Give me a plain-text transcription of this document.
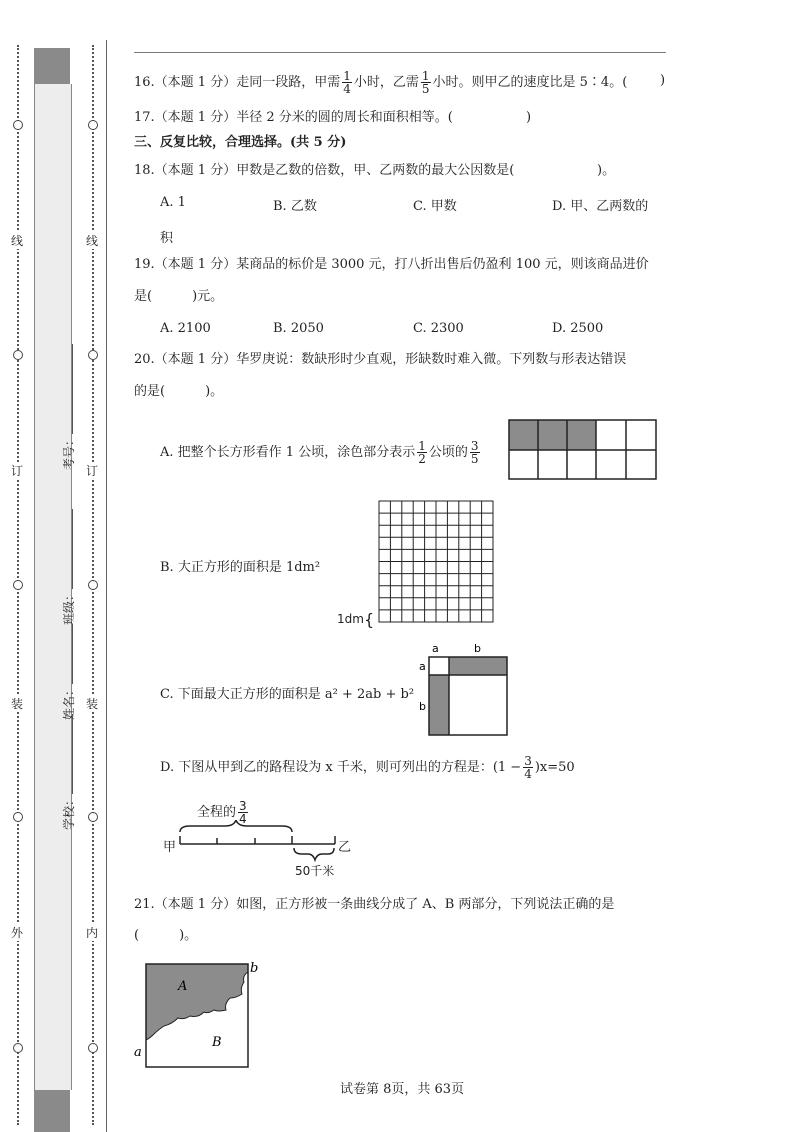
线
订
装
外
考号：
班级：
姓名：
学校：
线
订
装
内
16.（本题 1 分）走同一段路，甲需 $\frac{1}{4}$ 小时，乙需 $\frac{1}{5}$ 小时。则甲乙的速度比是 5∶4。(	)
17.（本题 1 分）半径 2 分米的圆的周长和面积相等。(	)
三、反复比较，合理选择。(共 5 分)
18.（本题 1 分）甲数是乙数的倍数，甲、乙两数的最大公因数是(	)。
A. 1	B. 乙数	C. 甲数	D. 甲、乙两数的
积
19.（本题 1 分）某商品的标价是 3000 元，打八折出售后仍盈利 100 元，则该商品进价
是(	)元。
A. 2100	B. 2050	C. 2300	D. 2500
20.（本题 1 分）华罗庚说：数缺形时少直观，形缺数时难入微。下列数与形表达错误
的是(	)。
A. 把整个长方形看作 1 公顷，涂色部分表示 $\frac{1}{2}$ 公顷的 $\frac{3}{5}$
B. 大正方形的面积是 1dm²
1dm{
C. 下面最大正方形的面积是 a² + 2ab + b²
a	b
a
b
D. 下图从甲到乙的路程设为 x 千米，则可列出的方程是：$(1 - \frac{3}{4} )x=50$
全程的 $\frac{3}{4}$
甲	乙
50千米
21.（本题 1 分）如图，正方形被一条曲线分成了 A、B 两部分，下列说法正确的是
(	)。
A
B
a
b
试卷第 8页，共 63页
